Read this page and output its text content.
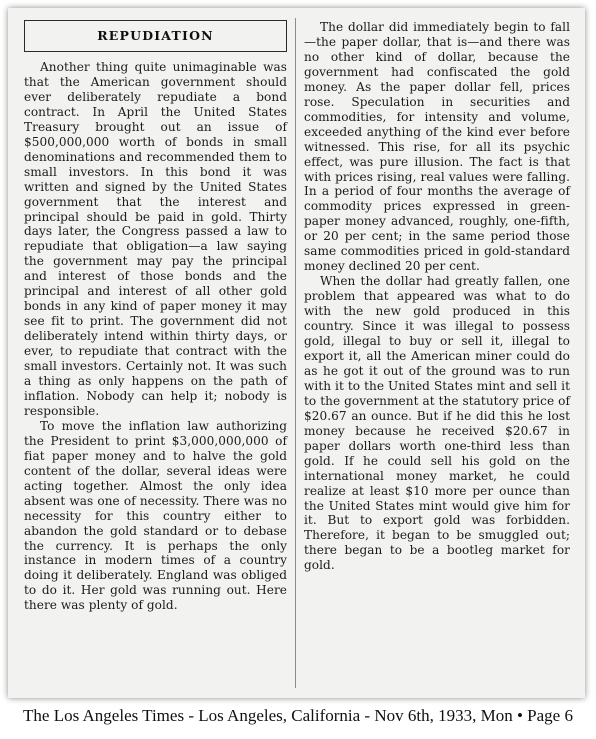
REPUDIATION

Another thing quite unimaginable was that the American government should ever deliberately repudiate a bond contract. In April the United States Treasury brought out an issue of $500,000,000 worth of bonds in small denominations and recommended them to small investors. In this bond it was written and signed by the United States government that the interest and principal should be paid in gold. Thirty days later, the Congress passed a law to repudiate that obligation—a law saying the government may pay the principal and interest of those bonds and the principal and interest of all other gold bonds in any kind of paper money it may see fit to print. The government did not deliberately intend within thirty days, or ever, to repudiate that contract with the small investors. Certainly not. It was such a thing as only happens on the path of inflation. Nobody can help it; nobody is responsible.

To move the inflation law authorizing the President to print $3,000,000,000 of fiat paper money and to halve the gold content of the dollar, several ideas were acting together. Almost the only idea absent was one of necessity. There was no necessity for this country either to abandon the gold standard or to debase the currency. It is perhaps the only instance in modern times of a country doing it deliberately. England was obliged to do it. Her gold was running out. Here there was plenty of gold.

The dollar did immediately begin to fall—the paper dollar, that is—and there was no other kind of dollar, because the government had confiscated the gold money. As the paper dollar fell, prices rose. Speculation in securities and commodities, for intensity and volume, exceeded anything of the kind ever before witnessed. This rise, for all its psychic effect, was pure illusion. The fact is that with prices rising, real values were falling. In a period of four months the average of commodity prices expressed in green-paper money advanced, roughly, one-fifth, or 20 per cent; in the same period those same commodities priced in gold-standard money declined 20 per cent.

When the dollar had greatly fallen, one problem that appeared was what to do with the new gold produced in this country. Since it was illegal to possess gold, illegal to buy or sell it, illegal to export it, all the American miner could do as he got it out of the ground was to run with it to the United States mint and sell it to the government at the statutory price of $20.67 an ounce. But if he did this he lost money because he received $20.67 in paper dollars worth one-third less than gold. If he could sell his gold on the international money market, he could realize at least $10 more per ounce than the United States mint would give him for it. But to export gold was forbidden. Therefore, it began to be smuggled out; there began to be a bootleg market for gold.

The Los Angeles Times - Los Angeles, California - Nov 6th, 1933, Mon • Page 6
